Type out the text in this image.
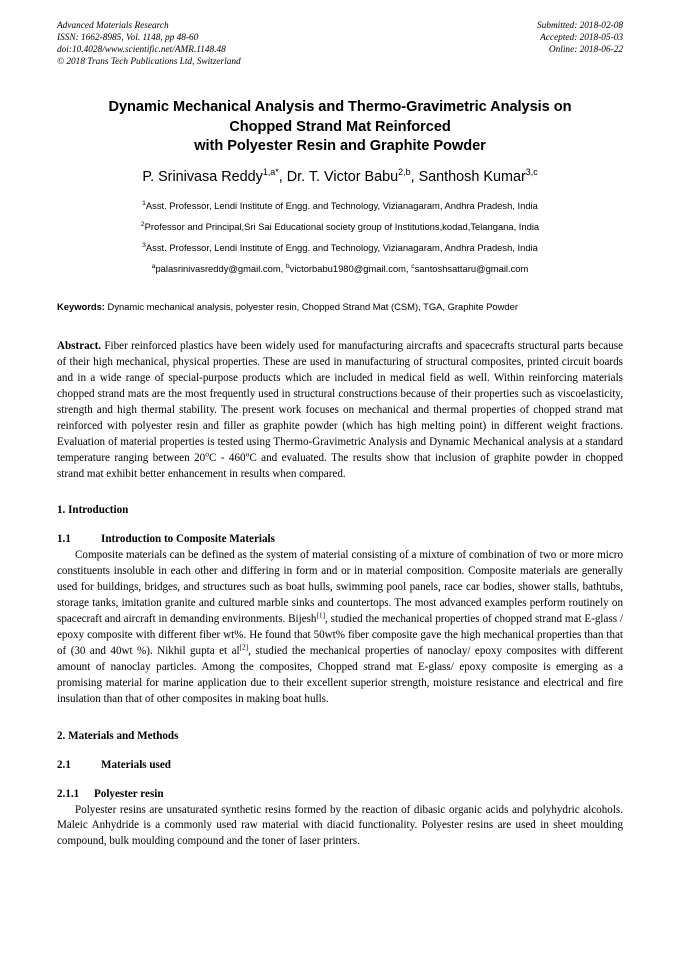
Advanced Materials Research
ISSN: 1662-8985, Vol. 1148, pp 48-60
doi:10.4028/www.scientific.net/AMR.1148.48
© 2018 Trans Tech Publications Ltd, Switzerland
Submitted: 2018-02-08
Accepted: 2018-05-03
Online: 2018-06-22
Dynamic Mechanical Analysis and Thermo-Gravimetric Analysis on
Chopped Strand Mat Reinforced
with Polyester Resin and Graphite Powder
P. Srinivasa Reddy$^{1,a*}$, Dr. T. Victor Babu$^{2,b}$, Santhosh Kumar$^{3,c}$
$^1$Asst. Professor, Lendi Institute of Engg. and Technology, Vizianagaram, Andhra Pradesh, India
$^2$Professor and Principal,Sri Sai Educational society group of Institutions,kodad,Telangana, India
$^3$Asst. Professor, Lendi Institute of Engg. and Technology, Vizianagaram, Andhra Pradesh, India
$^a$palasrinivasreddy@gmail.com, $^b$victorbabu1980@gmail.com, $^c$santoshsattaru@gmail.com
Keywords: Dynamic mechanical analysis, polyester resin, Chopped Strand Mat (CSM), TGA, Graphite Powder
Abstract. Fiber reinforced plastics have been widely used for manufacturing aircrafts and spacecrafts structural parts because of their high mechanical, physical properties. These are used in manufacturing of structural composites, printed circuit boards and in a wide range of special-purpose products which are included in medical field as well. Within reinforcing materials chopped strand mats are the most frequently used in structural constructions because of their properties such as viscoelasticity, strength and high thermal stability. The present work focuses on mechanical and thermal properties of chopped strand mat reinforced with polyester resin and filler as graphite powder (which has high melting point) in different weight fractions. Evaluation of material properties is tested using Thermo-Gravimetric Analysis and Dynamic Mechanical analysis at a standard temperature ranging between 20$^o$C - 460$^o$C and evaluated. The results show that inclusion of graphite powder in chopped strand mat exhibit better enhancement in results when compared.
1. Introduction
1.1	Introduction to Composite Materials

Composite materials can be defined as the system of material consisting of a mixture of combination of two or more micro constituents insoluble in each other and differing in form and or in material composition. Composite materials are generally used for buildings, bridges, and structures such as boat hulls, swimming pool panels, race car bodies, shower stalls, bathtubs, storage tanks, imitation granite and cultured marble sinks and countertops. The most advanced examples perform routinely on spacecraft and aircraft in demanding environments. Bijesh[1], studied the mechanical properties of chopped strand mat E-glass / epoxy composite with different fiber wt%. He found that 50wt% fiber composite gave the high mechanical properties than that of (30 and 40wt %). Nikhil gupta et al[2], studied the mechanical properties of nanoclay/ epoxy composites with different amount of nanoclay particles. Among the composites, Chopped strand mat E-glass/ epoxy composite is emerging as a promising material for marine application due to their excellent superior strength, moisture resistance and electrical and fire insulation than that of other composites in making boat hulls.

2. Materials and Methods
2.1	Materials used
2.1.1 Polyester resin

Polyester resins are unsaturated synthetic resins formed by the reaction of dibasic organic acids and polyhydric alcohols. Maleic Anhydride is a commonly used raw material with diacid functionality. Polyester resins are used in sheet moulding compound, bulk moulding compound and the toner of laser printers.
